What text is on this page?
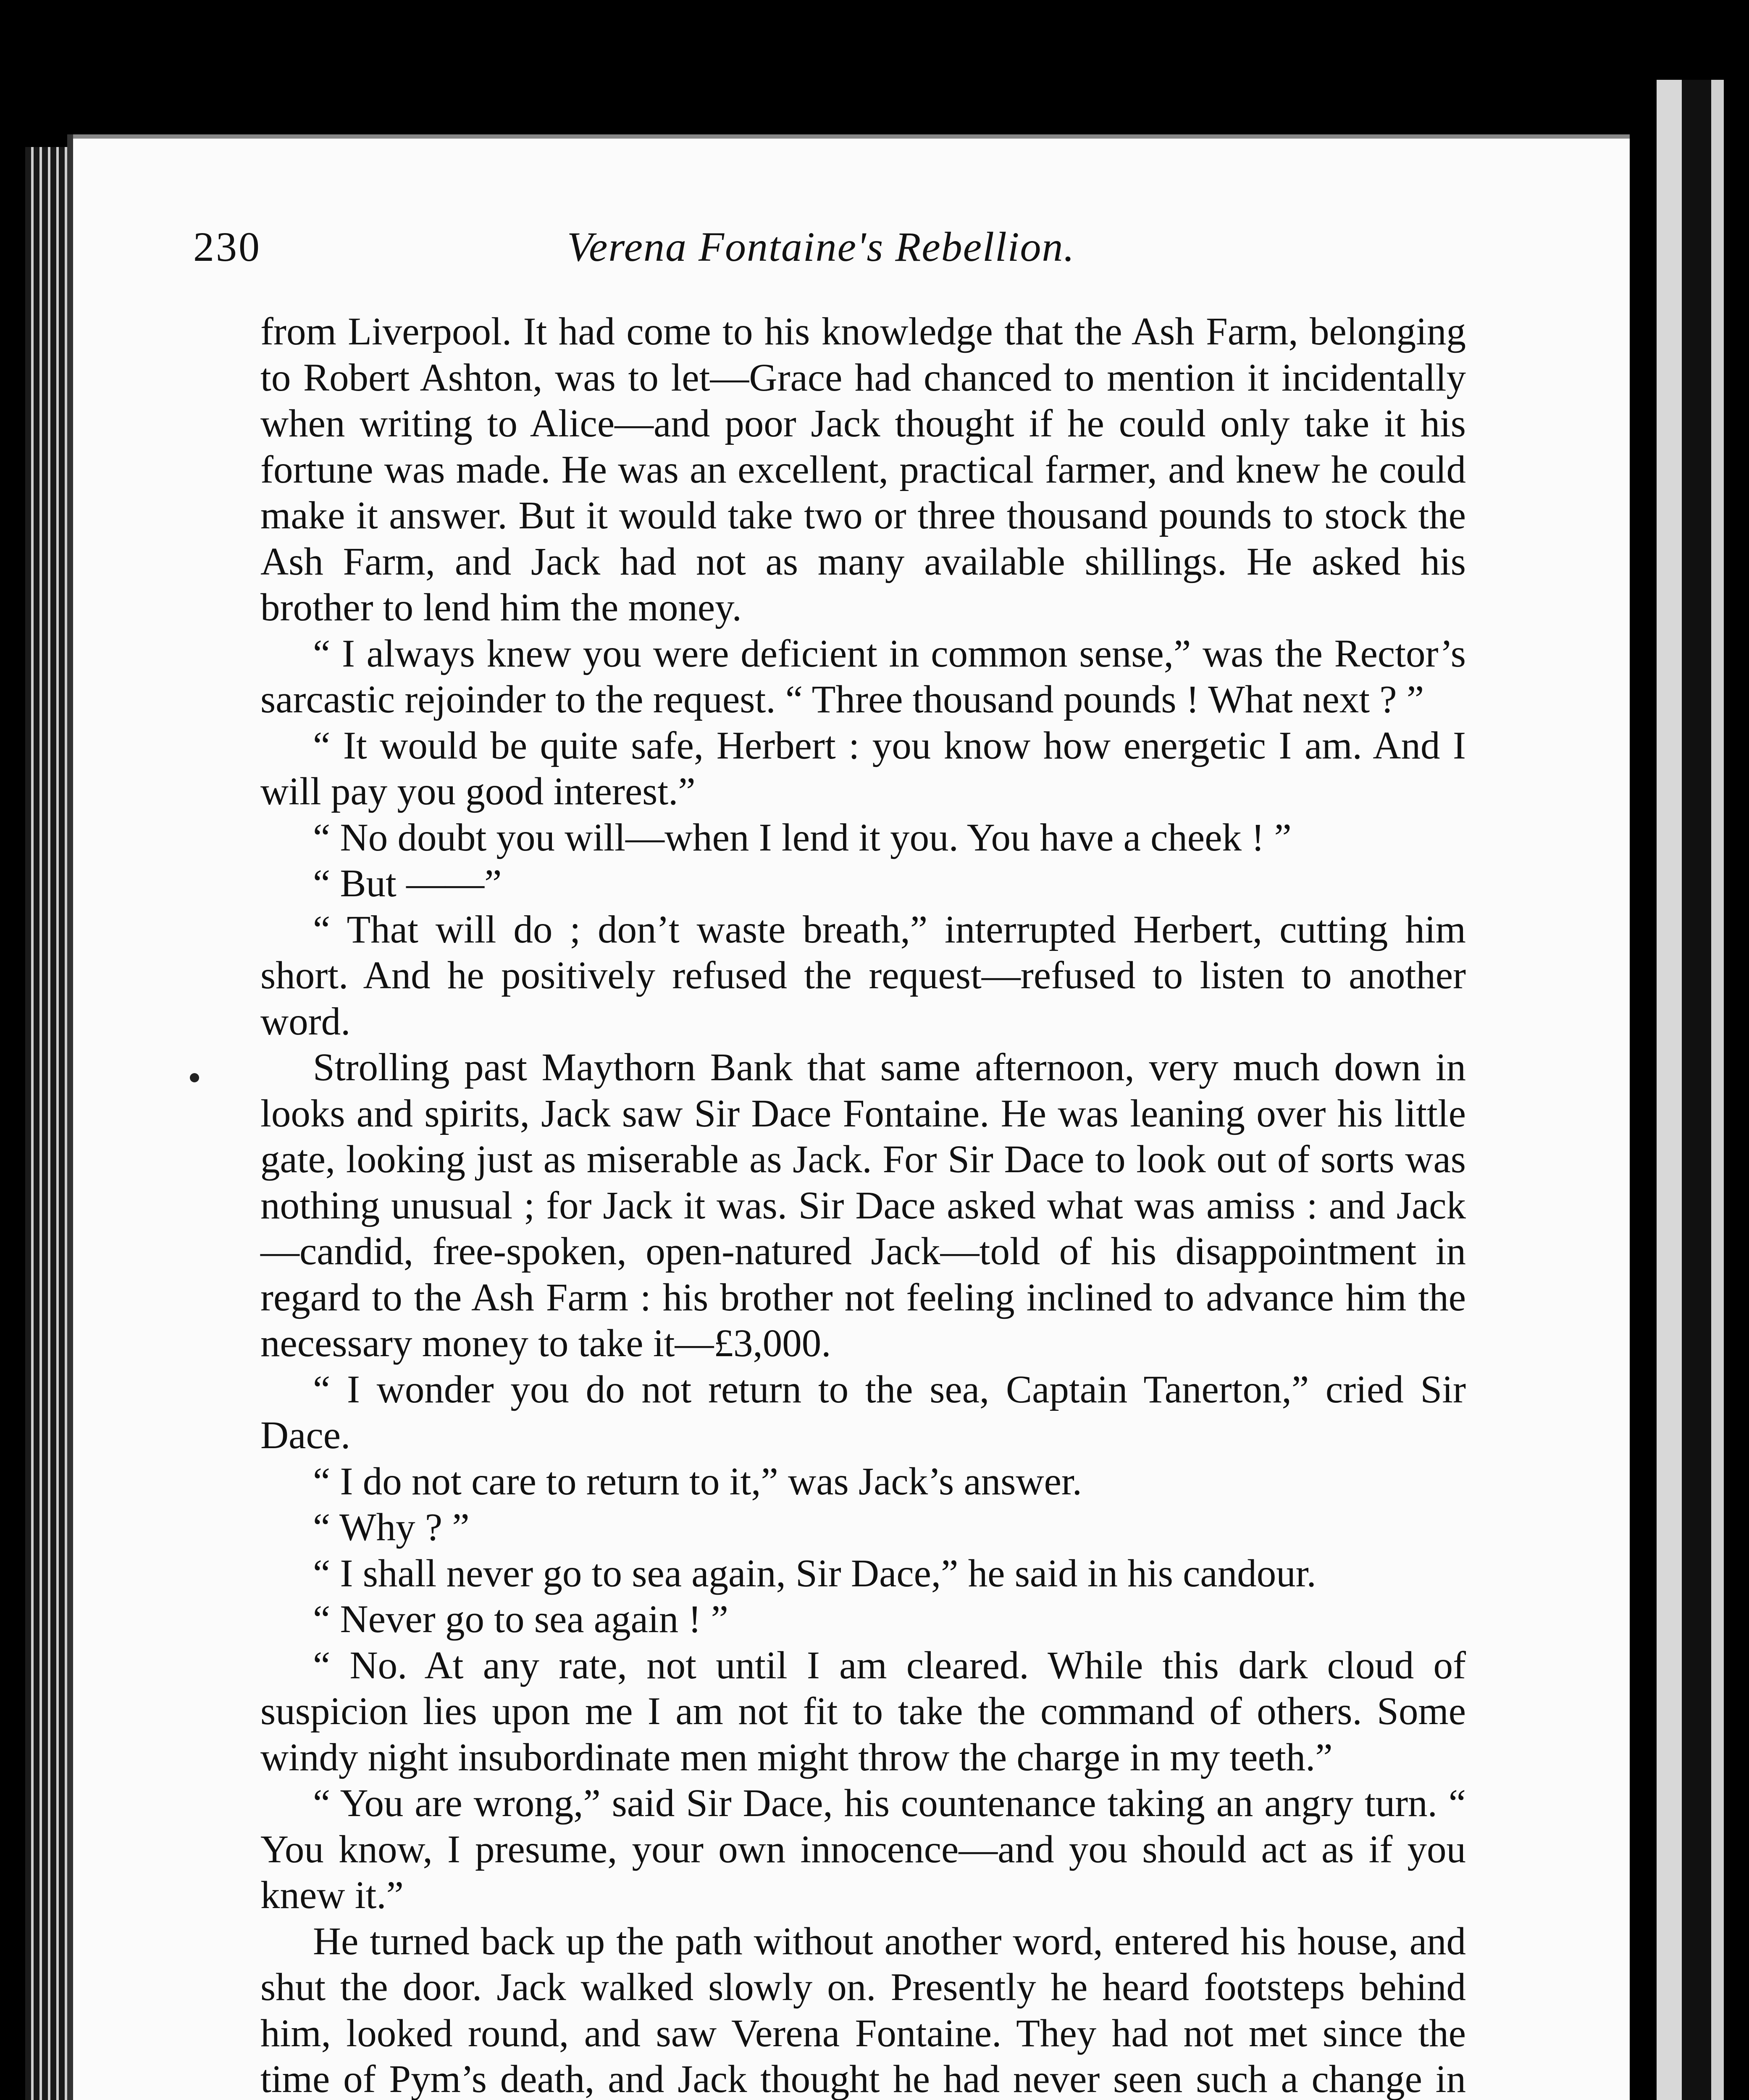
230	Verena Fontaine's Rebellion.

from Liverpool. It had come to his knowledge that the Ash Farm, belonging to Robert Ashton, was to let—Grace had chanced to mention it incidentally when writing to Alice—and poor Jack thought if he could only take it his fortune was made. He was an excellent, practical farmer, and knew he could make it answer. But it would take two or three thousand pounds to stock the Ash Farm, and Jack had not as many available shillings. He asked his brother to lend him the money.

“ I always knew you were deficient in common sense,” was the Rector’s sarcastic rejoinder to the request. “ Three thousand pounds ! What next ? ”

“ It would be quite safe, Herbert : you know how energetic I am. And I will pay you good interest.”

“ No doubt you will—when I lend it you. You have a cheek ! ”

“ But ——”

“ That will do ; don’t waste breath,” interrupted Herbert, cutting him short. And he positively refused the request—refused to listen to another word.

Strolling past Maythorn Bank that same afternoon, very much down in looks and spirits, Jack saw Sir Dace Fontaine. He was leaning over his little gate, looking just as miserable as Jack. For Sir Dace to look out of sorts was nothing unusual ; for Jack it was. Sir Dace asked what was amiss : and Jack—candid, free-spoken, open-natured Jack—told of his disappointment in regard to the Ash Farm : his brother not feeling inclined to advance him the necessary money to take it—£3,000.

“ I wonder you do not return to the sea, Captain Tanerton,” cried Sir Dace.

“ I do not care to return to it,” was Jack’s answer.

“ Why ? ”

“ I shall never go to sea again, Sir Dace,” he said in his candour.

“ Never go to sea again ! ”

“ No. At any rate, not until I am cleared. While this dark cloud of suspicion lies upon me I am not fit to take the command of others. Some windy night insubordinate men might throw the charge in my teeth.”

“ You are wrong,” said Sir Dace, his countenance taking an angry turn. “ You know, I presume, your own innocence—and you should act as if you knew it.”

He turned back up the path without another word, entered his house, and shut the door. Jack walked slowly on. Presently he heard footsteps behind him, looked round, and saw Verena Fontaine. They had not met since the time of Pym’s death, and Jack thought he had never seen such a change in
